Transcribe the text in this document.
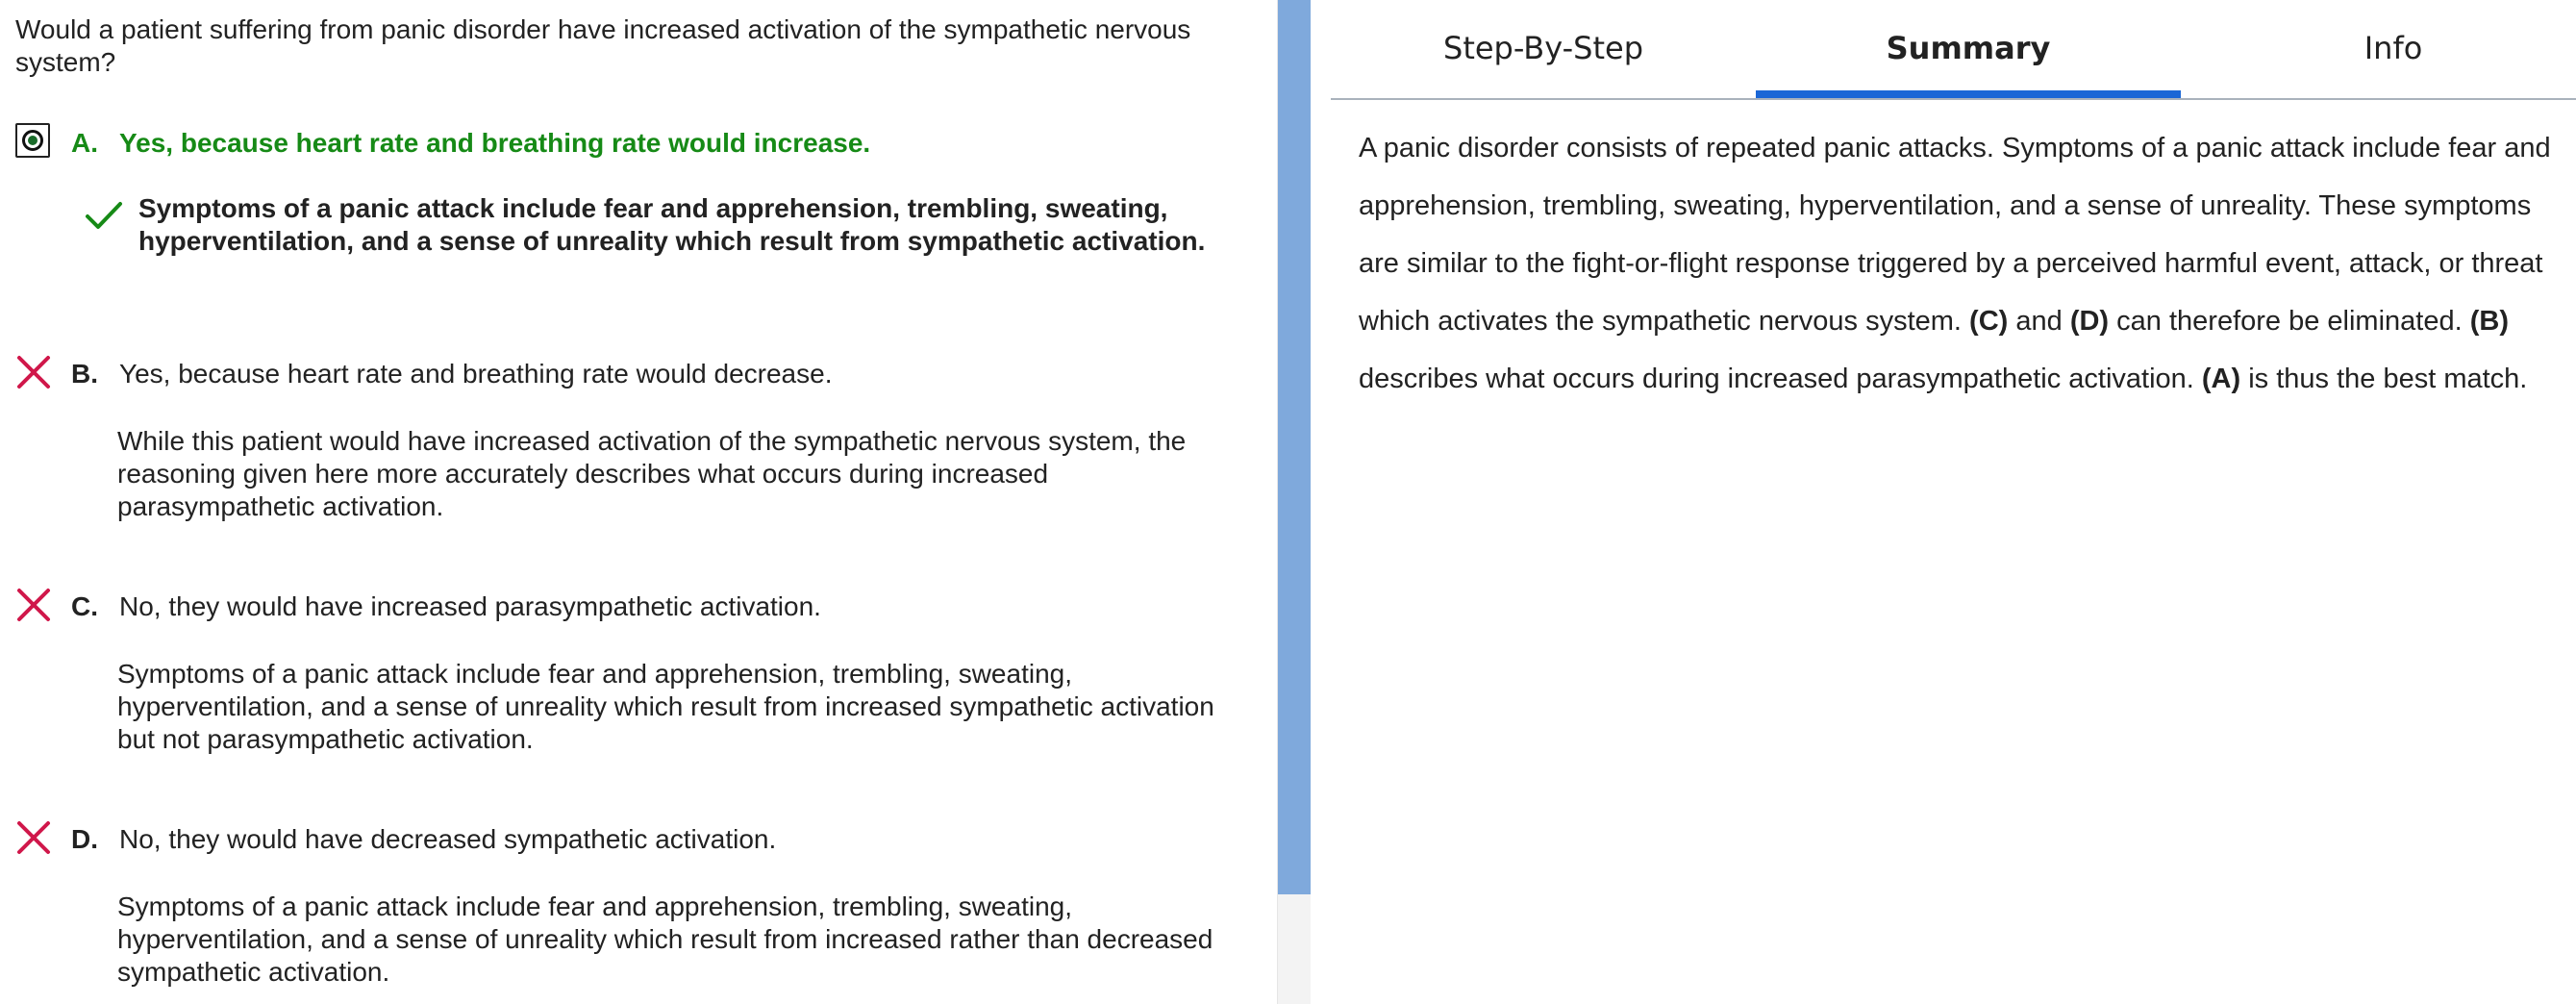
Would a patient suffering from panic disorder have increased activation of the sympathetic nervous system?

A. Yes, because heart rate and breathing rate would increase.
Symptoms of a panic attack include fear and apprehension, trembling, sweating, hyperventilation, and a sense of unreality which result from sympathetic activation.
B. Yes, because heart rate and breathing rate would decrease.
While this patient would have increased activation of the sympathetic nervous system, the reasoning given here more accurately describes what occurs during increased parasympathetic activation.
C. No, they would have increased parasympathetic activation.
Symptoms of a panic attack include fear and apprehension, trembling, sweating, hyperventilation, and a sense of unreality which result from increased sympathetic activation but not parasympathetic activation.
D. No, they would have decreased sympathetic activation.
Symptoms of a panic attack include fear and apprehension, trembling, sweating, hyperventilation, and a sense of unreality which result from increased rather than decreased sympathetic activation.
Step-By-Step	Summary	Info

A panic disorder consists of repeated panic attacks. Symptoms of a panic attack include fear and apprehension, trembling, sweating, hyperventilation, and a sense of unreality. These symptoms are similar to the fight-or-flight response triggered by a perceived harmful event, attack, or threat which activates the sympathetic nervous system. (C) and (D) can therefore be eliminated. (B) describes what occurs during increased parasympathetic activation. (A) is thus the best match.
